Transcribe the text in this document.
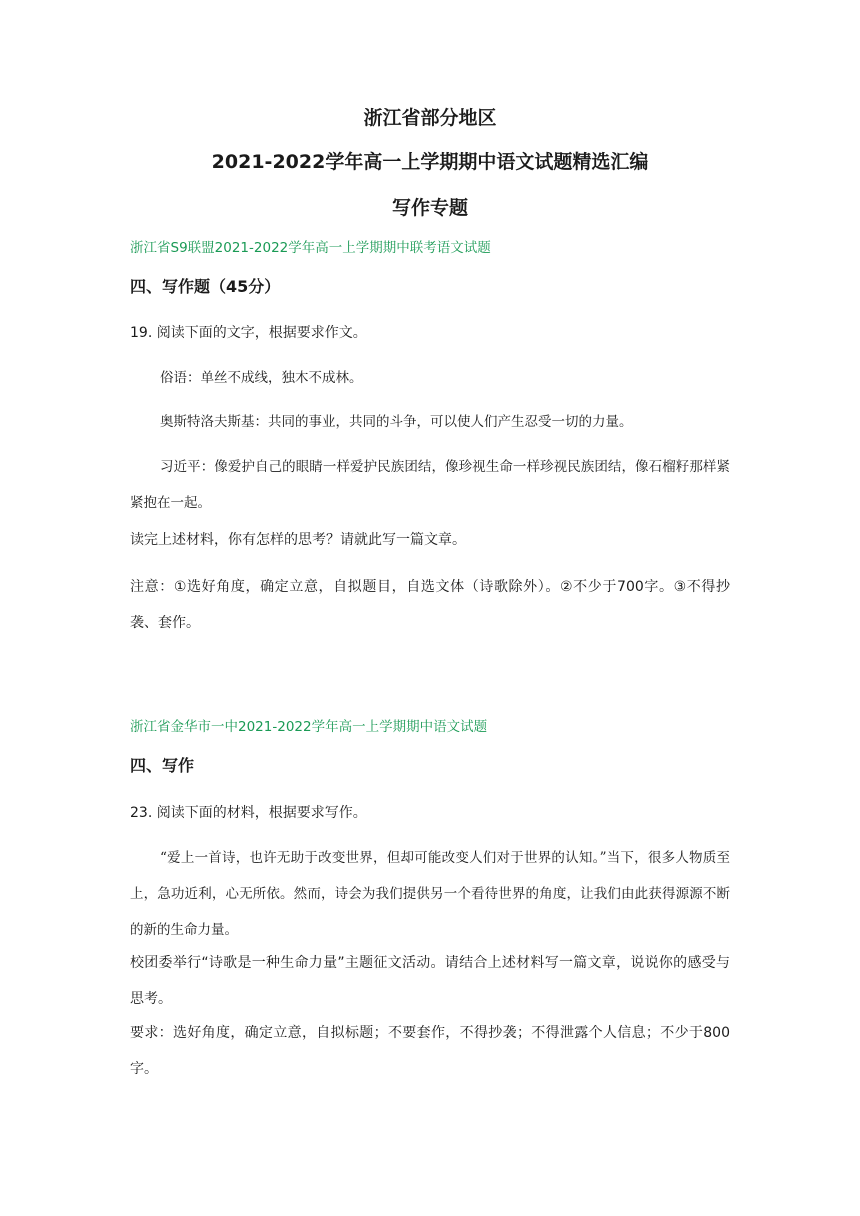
浙江省部分地区
2021-2022学年高一上学期期中语文试题精选汇编
写作专题
浙江省S9联盟2021-2022学年高一上学期期中联考语文试题
四、写作题（45分）
19. 阅读下面的文字，根据要求作文。
俗语：单丝不成线，独木不成林。
奥斯特洛夫斯基：共同的事业，共同的斗争，可以使人们产生忍受一切的力量。
习近平：像爱护自己的眼睛一样爱护民族团结，像珍视生命一样珍视民族团结，像石榴籽那样紧紧抱在一起。
读完上述材料，你有怎样的思考？请就此写一篇文章。
注意：①选好角度，确定立意，自拟题目，自选文体（诗歌除外）。②不少于700字。③不得抄袭、套作。
浙江省金华市一中2021-2022学年高一上学期期中语文试题
四、写作
23. 阅读下面的材料，根据要求写作。
“爱上一首诗，也许无助于改变世界，但却可能改变人们对于世界的认知。”当下，很多人物质至上，急功近利，心无所依。然而，诗会为我们提供另一个看待世界的角度，让我们由此获得源源不断的新的生命力量。
校团委举行“诗歌是一种生命力量”主题征文活动。请结合上述材料写一篇文章，说说你的感受与思考。
要求：选好角度，确定立意，自拟标题；不要套作，不得抄袭；不得泄露个人信息；不少于800字。
